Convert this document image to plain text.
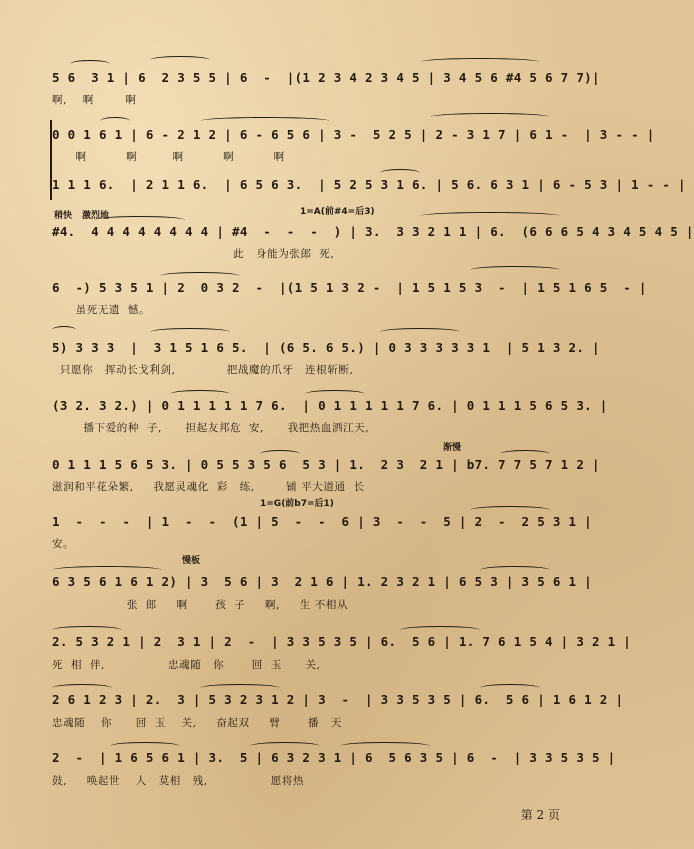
5 6  3 1 | 6  2 3 5 5 | 6  -  |(1 2 3 4 2 3 4 5 | 3 4 5 6 #4 5 6 7 7)|
啊,    啊        啊
0 0 1 6 1 | 6 - 2 1 2 | 6 - 6 5 6 | 3 -  5 2 5 | 2 - 3 1 7 | 6 1 -  | 3 - - |
啊          啊         啊          啊          啊
1 1 1 6.  | 2 1 1 6.  | 6 5 6 3.  | 5 2 5 3 1 6. | 5 6. 6 3 1 | 6 - 5 3 | 1 - - |
稍快 激烈地	1=A(前#4=后3)
#4.  4 4 4 4 4 4 4 4 | #4  -  -  -  ) | 3.  3 3 2 1 1 | 6.  (6 6 6 5 4 3 4 5 4 5 |
此   身能为张郎  死,
6  -) 5 3 5 1 | 2  0 3 2  -  |(1 5 1 3 2 -  | 1 5 1 5 3  -  | 1 5 1 6 5  - |
虽死无遗  憾。
5) 3 3 3  |  3 1 5 1 6 5.  | (6 5. 6 5.) | 0 3 3 3 3 3 1  | 5 1 3 2. |
只愿你   挥动长戈利剑,             把战魔的爪牙   连根斩断,
(3 2. 3 2.) | 0 1 1 1 1 1 7 6.  | 0 1 1 1 1 1 7 6. | 0 1 1 1 5 6 5 3. |
播下爱的种  子,      担起友邦危  安,      我把热血洒江天,
渐慢
0 1 1 1 5 6 5 3. | 0 5 5 3 5 6  5 3 | 1.  2 3  2 1 | b7. 7 7 5 7 1 2 |
滋润和平花朵繁,     我愿灵魂化  彩   练,        铺 平大道通  长
1=G(前b7=后1)
1  -  -  -  | 1  -  -  (1 | 5  -  -  6 | 3  -  -  5 | 2  -  2 5 3 1 |
安。
慢板
6 3 5 6 1 6 1 2) | 3  5 6 | 3  2 1 6 | 1. 2 3 2 1 | 6 5 3 | 3 5 6 1 |
张  郎     啊       孩  子     啊,     生 不相从
2. 5 3 2 1 | 2  3 1 | 2  -  | 3 3 5 3 5 | 6.  5 6 | 1. 7 6 1 5 4 | 3 2 1 |
死  相  伴,                忠魂随   你       回  玉      关,
2 6 1 2 3 | 2.  3 | 5 3 2 3 1 2 | 3  -  | 3 3 5 3 5 | 6.  5 6 | 1 6 1 2 |
忠魂随    你      回  玉    关,     奋起双     臂       播   天
2  -  | 1 6 5 6 1 | 3.  5 | 6 3 2 3 1 | 6  5 6 3 5 | 6  -  | 3 3 5 3 5 |
鼓,     唤起世    人   莫相   残,                愿将热
第 2 页
